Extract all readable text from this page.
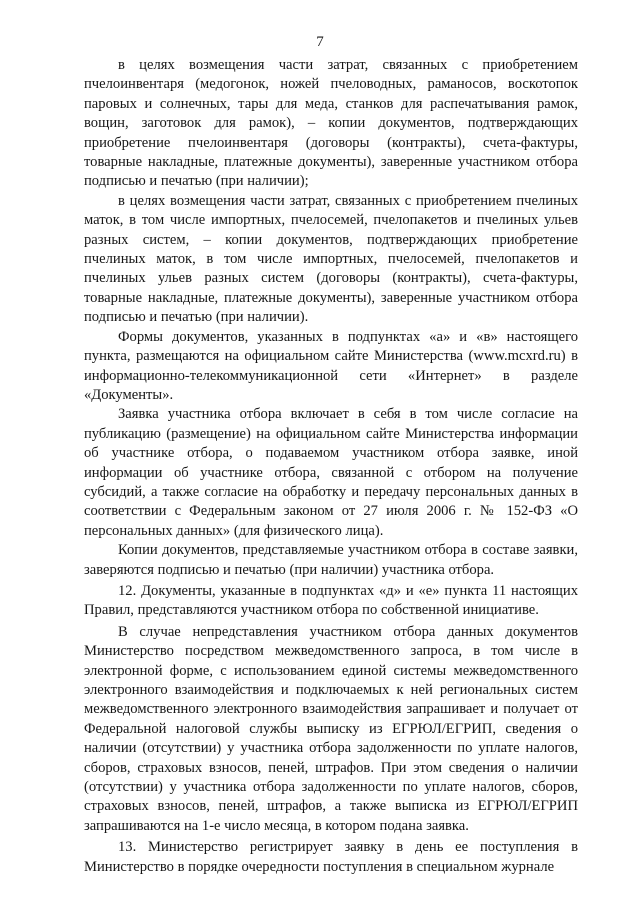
7

в целях возмещения части затрат, связанных с приобретением пчелоинвентаря (медогонок, ножей пчеловодных, раманосов, воскотопок паровых и солнечных, тары для меда, станков для распечатывания рамок, вощин, заготовок для рамок), – копии документов, подтверждающих приобретение пчелоинвентаря (договоры (контракты), счета-фактуры, товарные накладные, платежные документы), заверенные участником отбора подписью и печатью (при наличии);

в целях возмещения части затрат, связанных с приобретением пчелиных маток, в том числе импортных, пчелосемей, пчелопакетов и пчелиных ульев разных систем, – копии документов, подтверждающих приобретение пчелиных маток, в том числе импортных, пчелосемей, пчелопакетов и пчелиных ульев разных систем (договоры (контракты), счета-фактуры, товарные накладные, платежные документы), заверенные участником отбора подписью и печатью (при наличии).

Формы документов, указанных в подпунктах «а» и «в» настоящего пункта, размещаются на официальном сайте Министерства (www.mcxrd.ru) в информационно-телекоммуникационной сети «Интернет» в разделе «Документы».

Заявка участника отбора включает в себя в том числе согласие на публикацию (размещение) на официальном сайте Министерства информации об участнике отбора, о подаваемом участником отбора заявке, иной информации об участнике отбора, связанной с отбором на получение субсидий, а также согласие на обработку и передачу персональных данных в соответствии с Федеральным законом от 27 июля 2006 г. № 152-ФЗ «О персональных данных» (для физического лица).

Копии документов, представляемые участником отбора в составе заявки, заверяются подписью и печатью (при наличии) участника отбора.

12. Документы, указанные в подпунктах «д» и «е» пункта 11 настоящих Правил, представляются участником отбора по собственной инициативе.

В случае непредставления участником отбора данных документов Министерство посредством межведомственного запроса, в том числе в электронной форме, с использованием единой системы межведомственного электронного взаимодействия и подключаемых к ней региональных систем межведомственного электронного взаимодействия запрашивает и получает от Федеральной налоговой службы выписку из ЕГРЮЛ/ЕГРИП, сведения о наличии (отсутствии) у участника отбора задолженности по уплате налогов, сборов, страховых взносов, пеней, штрафов. При этом сведения о наличии (отсутствии) у участника отбора задолженности по уплате налогов, сборов, страховых взносов, пеней, штрафов, а также выписка из ЕГРЮЛ/ЕГРИП запрашиваются на 1-е число месяца, в котором подана заявка.

13. Министерство регистрирует заявку в день ее поступления в Министерство в порядке очередности поступления в специальном журнале
